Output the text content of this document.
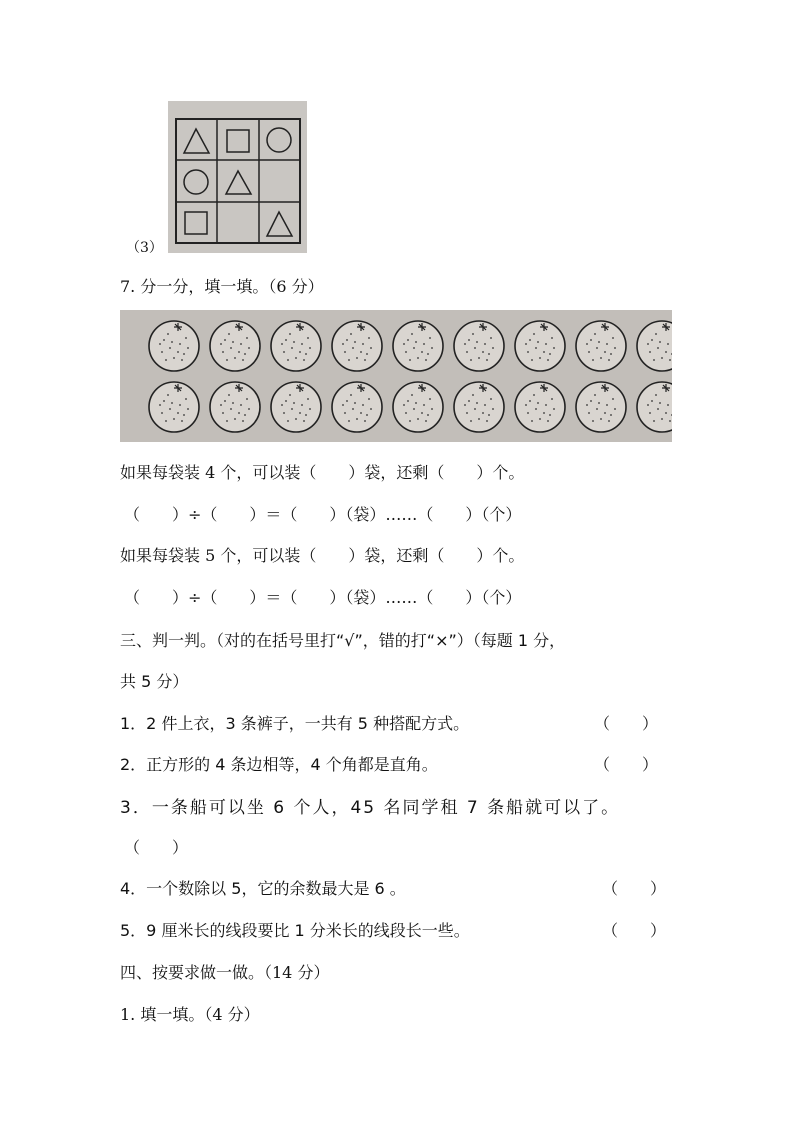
（3）
7. 分一分，填一填。（6 分）
如果每袋装 4 个，可以装（　　）袋，还剩（　　）个。
（　　）÷（　　）＝（　　）（袋）……（　　）（个）
如果每袋装 5 个，可以装（　　）袋，还剩（　　）个。
（　　）÷（　　）＝（　　）（袋）……（　　）（个）
三、判一判。（对的在括号里打“√”，错的打“×”）（每题 1 分，
共 5 分）
1．2 件上衣，3 条裤子，一共有 5 种搭配方式。	（　　）
2．正方形的 4 条边相等，4 个角都是直角。	（　　）
3．一条船可以坐 6 个人，45 名同学租 7 条船就可以了。
（　　）
4．一个数除以 5，它的余数最大是 6 。	（　　）
5．9 厘米长的线段要比 1 分米长的线段长一些。	（　　）
四、按要求做一做。（14 分）
1. 填一填。（4 分）
